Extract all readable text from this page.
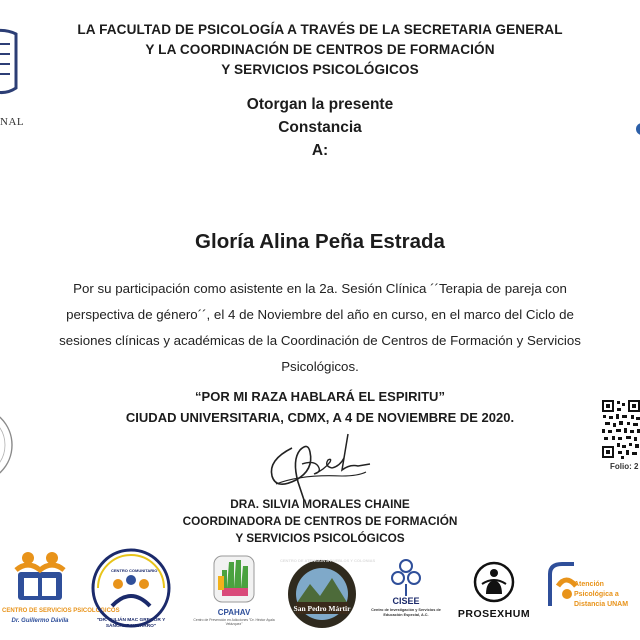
NAL
LA FACULTAD DE PSICOLOGÍA A TRAVÉS DE LA SECRETARIA GENERAL
Y LA COORDINACIÓN DE CENTROS DE FORMACIÓN
Y SERVICIOS PSICOLÓGICOS
Otorgan la presente
Constancia
A:
Gloría Alina Peña Estrada
Por su participación como asistente en la 2a. Sesión Clínica ´´Terapia de pareja con perspectiva de género´´, el 4 de Noviembre del año en curso, en el marco del Ciclo de sesiones clínicas y académicas de la Coordinación de Centros de Formación y Servicios Psicológicos.
“POR MI RAZA HABLARÁ EL ESPIRITU”
CIUDAD UNIVERSITARIA, CDMX, A 4 DE NOVIEMBRE DE 2020.
DRA. SILVIA MORALES CHAINE
COORDINADORA DE CENTROS DE FORMACIÓN
Y SERVICIOS PSICOLÓGICOS
Folio: 2
CENTRO DE SERVICIOS PSICOLÓGICOS
Dr. Guillermo Dávila
CENTRO COMUNITARIO
"DR. JULIÁN MAC GREGOR Y SÁNCHEZ NAVARRO"
CPAHAV
Centro de Prevención en Adicciones "Dr. Héctor Ayala Velázquez"
CENTRO DE ATENCIÓN A PUEBLOS Y COLONIAS
San Pedro Mártir
CISEE
Centro de Investigación y Servicios de Educación Especial, A.C.	PROSEXHUM
Atención Psicológica a Distancia UNAM
